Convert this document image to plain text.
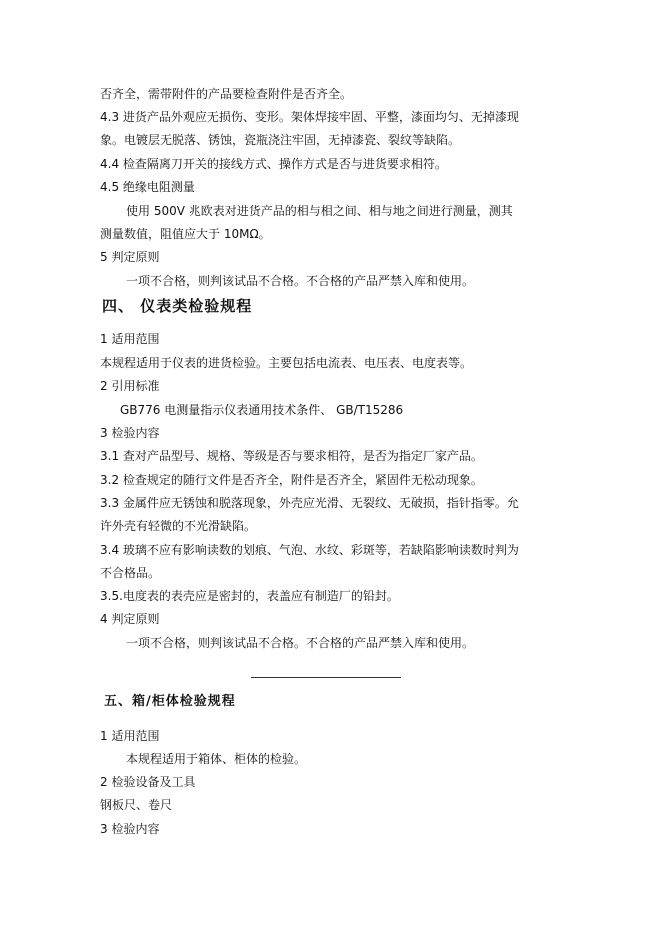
否齐全，需带附件的产品要检查附件是否齐全。
4.3 进货产品外观应无损伤、变形。架体焊接牢固、平整，漆面均匀、无掉漆现
象。电镀层无脱落、锈蚀，瓷瓶浇注牢固，无掉漆瓷、裂纹等缺陷。
4.4 检查隔离刀开关的接线方式、操作方式是否与进货要求相符。
4.5 绝缘电阻测量
使用 500V 兆欧表对进货产品的相与相之间、相与地之间进行测量，测其
测量数值，阻值应大于 10MΩ。
5 判定原则
一项不合格，则判该试品不合格。不合格的产品严禁入库和使用。
四、 仪表类检验规程
1 适用范围
本规程适用于仪表的进货检验。主要包括电流表、电压表、电度表等。
2 引用标准
GB776 电测量指示仪表通用技术条件、 GB/T15286
3 检验内容
3.1 查对产品型号、规格、等级是否与要求相符，是否为指定厂家产品。
3.2 检查规定的随行文件是否齐全，附件是否齐全，紧固件无松动现象。
3.3 金属件应无锈蚀和脱落现象，外壳应光滑、无裂纹、无破损，指针指零。允
许外壳有轻微的不光滑缺陷。
3.4 玻璃不应有影响读数的划痕、气泡、水纹、彩斑等，若缺陷影响读数时判为
不合格品。
3.5.电度表的表壳应是密封的，表盖应有制造厂的铅封。
4 判定原则
一项不合格，则判该试品不合格。不合格的产品严禁入库和使用。
五、箱/柜体检验规程
1 适用范围
本规程适用于箱体、柜体的检验。
2 检验设备及工具
钢板尺、卷尺
3 检验内容
